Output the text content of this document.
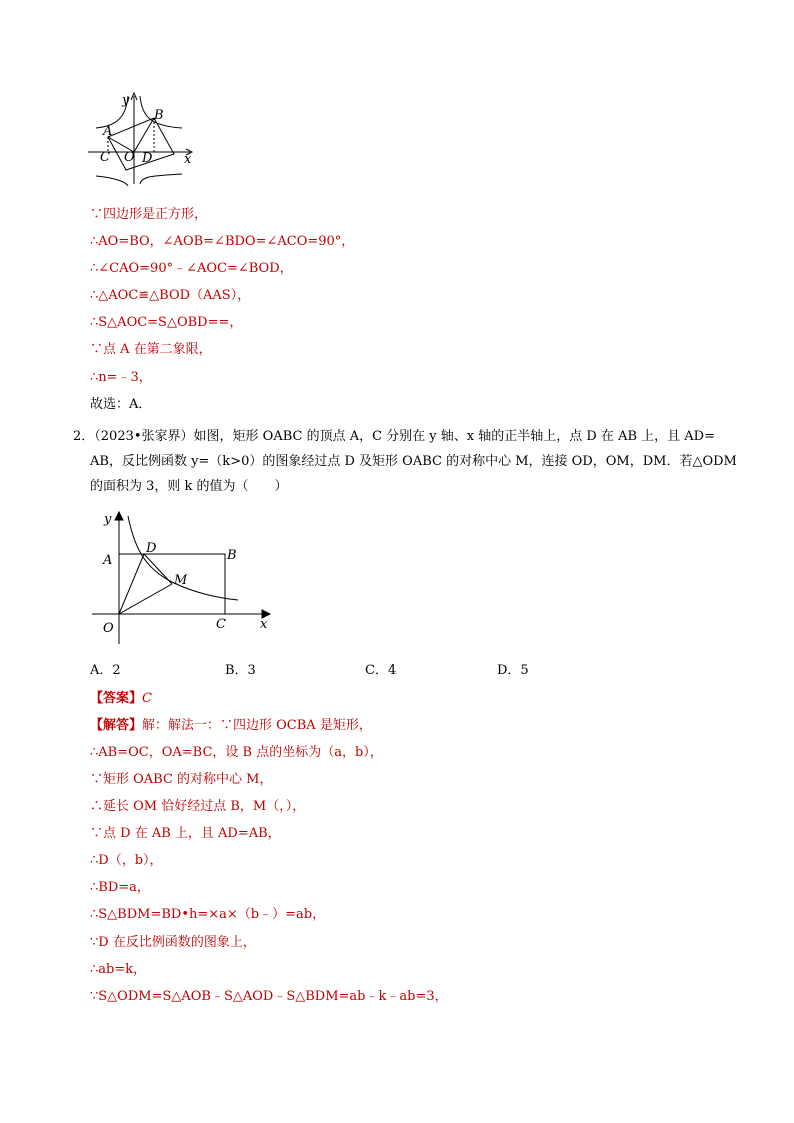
y
x
A
B
C O D
∵四边形是正方形，
∴AO=BO，∠AOB=∠BDO=∠ACO=90°，
∴∠CAO=90°﹣∠AOC=∠BOD，
∴△AOC≌△BOD（AAS），
∴S△AOC=S△OBD==，
∵点 A 在第二象限，
∴n=﹣3，
故选：A．
2．（2023•张家界）如图，矩形 OABC 的顶点 A，C 分别在 y 轴、x 轴的正半轴上，点 D 在 AB 上，且 AD=
AB，反比例函数 y=（k>0）的图象经过点 D 及矩形 OABC 的对称中心 M，连接 OD，OM，DM．若△ODM
的面积为 3，则 k 的值为（　　）
y
x
A
D	B
M
O	C
A．2	B．3	C．4	D．5
【答案】C
【解答】解：解法一：∵四边形 OCBA 是矩形，
∴AB=OC，OA=BC，设 B 点的坐标为（a，b），
∵矩形 OABC 的对称中心 M，
∴延长 OM 恰好经过点 B，M（，），
∵点 D 在 AB 上，且 AD=AB，
∴D（，b），
∴BD=a，
∴S△BDM=BD•h=×a×（b﹣）=ab，
∵D 在反比例函数的图象上，
∴ab=k，
∵S△ODM=S△AOB﹣S△AOD﹣S△BDM=ab﹣k﹣ab=3，
